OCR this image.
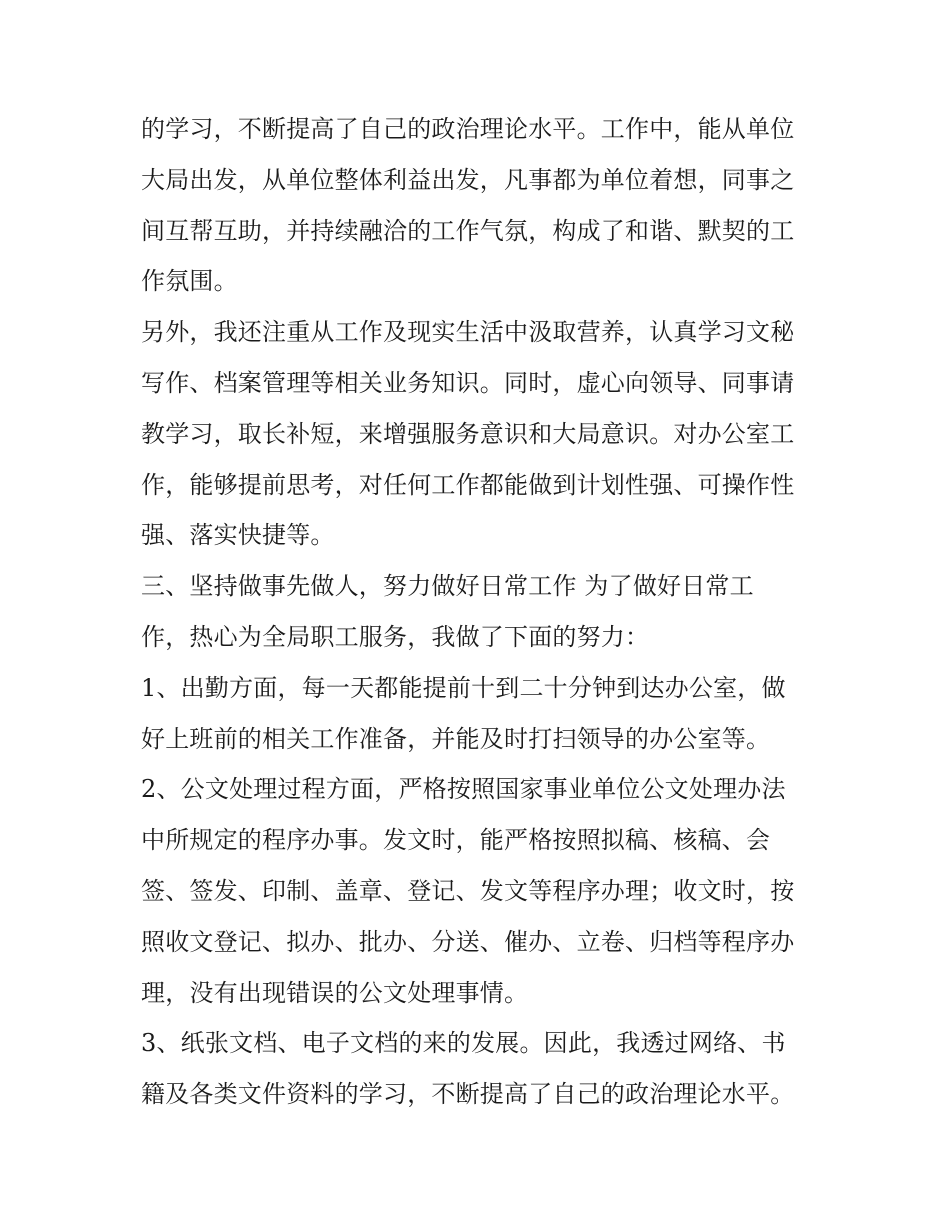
的学习，不断提高了自己的政治理论水平。工作中，能从单位
大局出发，从单位整体利益出发，凡事都为单位着想，同事之
间互帮互助，并持续融洽的工作气氛，构成了和谐、默契的工
作氛围。
另外，我还注重从工作及现实生活中汲取营养，认真学习文秘
写作、档案管理等相关业务知识。同时，虚心向领导、同事请
教学习，取长补短，来增强服务意识和大局意识。对办公室工
作，能够提前思考，对任何工作都能做到计划性强、可操作性
强、落实快捷等。
三、坚持做事先做人，努力做好日常工作 为了做好日常工
作，热心为全局职工服务，我做了下面的努力：
1、出勤方面，每一天都能提前十到二十分钟到达办公室，做
好上班前的相关工作准备，并能及时打扫领导的办公室等。
2、公文处理过程方面，严格按照国家事业单位公文处理办法
中所规定的程序办事。发文时，能严格按照拟稿、核稿、会
签、签发、印制、盖章、登记、发文等程序办理；收文时，按
照收文登记、拟办、批办、分送、催办、立卷、归档等程序办
理，没有出现错误的公文处理事情。
3、纸张文档、电子文档的来的发展。因此，我透过网络、书
籍及各类文件资料的学习，不断提高了自己的政治理论水平。
